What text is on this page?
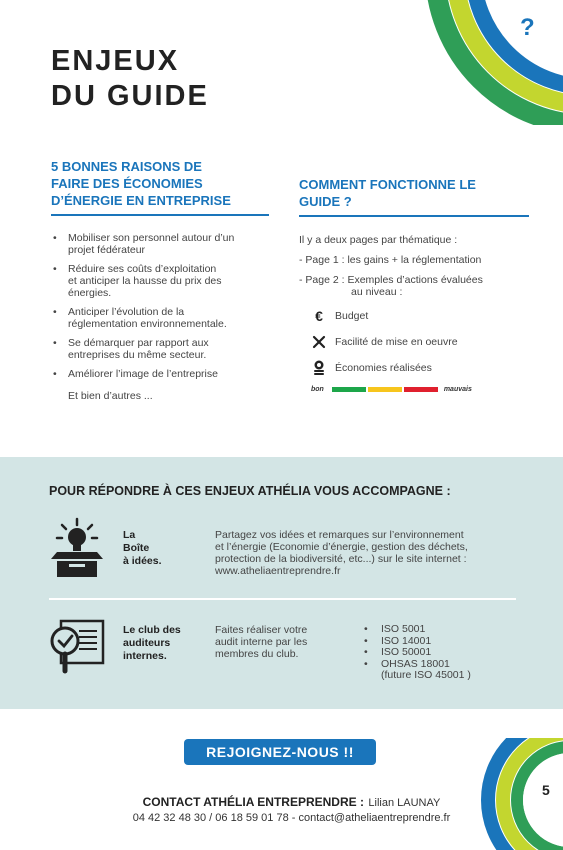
?
ENJEUX
DU GUIDE
5 BONNES RAISONS DE
FAIRE DES ÉCONOMIES
D’ÉNERGIE EN ENTREPRISE
• Mobiliser son personnel autour d’un
projet fédérateur
• Réduire ses coûts d’exploitation
et anticiper la hausse du prix des
énergies.
• Anticiper l’évolution de la
réglementation environnementale.
• Se démarquer par rapport aux
entreprises du même secteur.
• Améliorer l’image de l’entreprise
Et bien d’autres ...
COMMENT FONCTIONNE LE
GUIDE ?
Il y a deux pages par thématique :
- Page 1 : les gains + la réglementation
- Page 2 : Exemples d’actions évaluées
au niveau :
€	Budget
Facilité de mise en oeuvre
Économies réalisées
bon	mauvais
POUR RÉPONDRE À CES ENJEUX ATHÉLIA VOUS ACCOMPAGNE :
La
Boîte
à idées.
Partagez vos idées et remarques sur l’environnement
et l’énergie (Economie d’énergie, gestion des déchets,
protection de la biodiversité, etc...) sur le site internet :
www.atheliaentreprendre.fr
Le club des
auditeurs
internes.
Faites réaliser votre
audit interne par les
membres du club.
• ISO 5001
• ISO 14001
• ISO 50001
• OHSAS 18001
(future ISO 45001 )
REJOIGNEZ-NOUS !!
CONTACT ATHÉLIA ENTREPRENDRE : Lilian LAUNAY
04 42 32 48 30 / 06 18 59 01 78 - contact@atheliaentreprendre.fr
5
